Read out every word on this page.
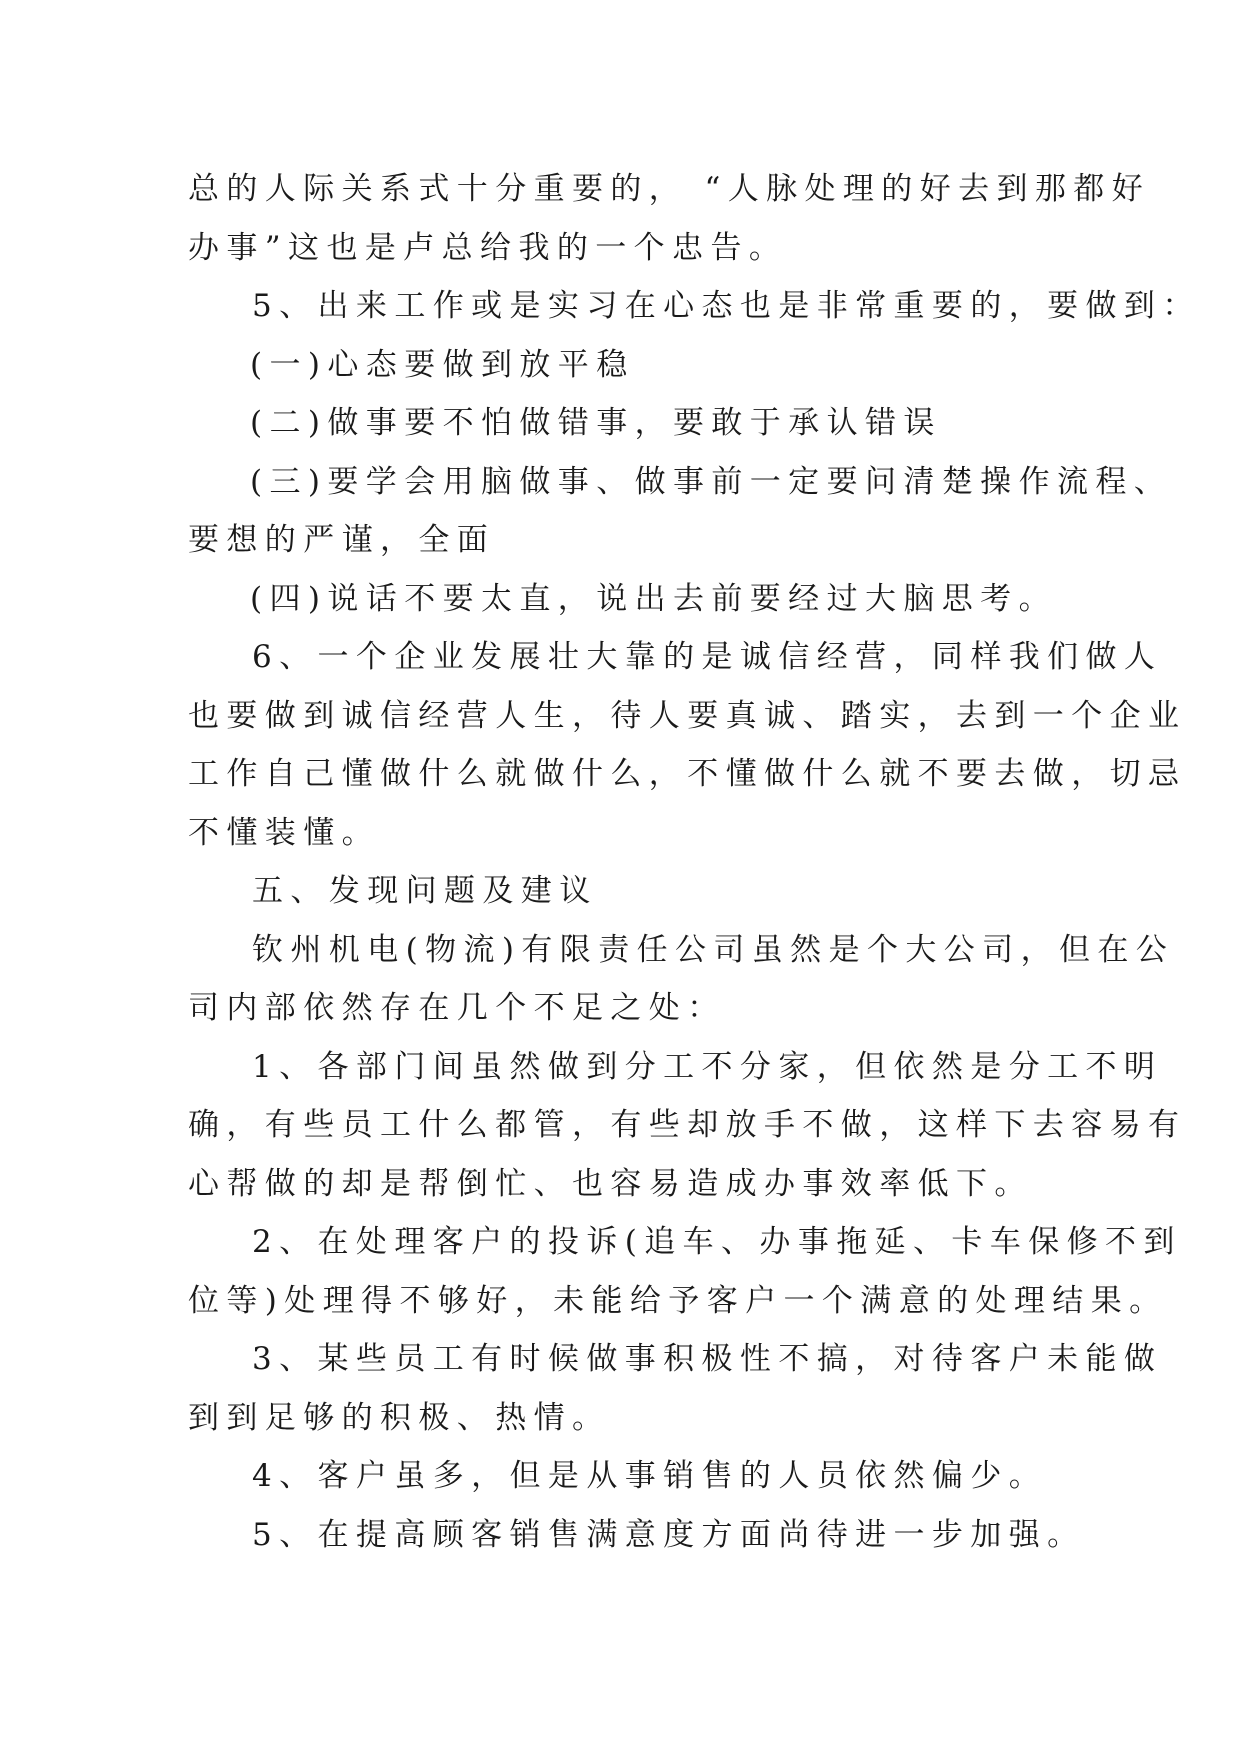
总的人际关系式十分重要的， “人脉处理的好去到那都好

办事”这也是卢总给我的一个忠告。

5、出来工作或是实习在心态也是非常重要的，要做到：

(一)心态要做到放平稳

(二)做事要不怕做错事，要敢于承认错误

(三)要学会用脑做事、做事前一定要问清楚操作流程、

要想的严谨，全面

(四)说话不要太直，说出去前要经过大脑思考。

6、一个企业发展壮大靠的是诚信经营，同样我们做人

也要做到诚信经营人生，待人要真诚、踏实，去到一个企业

工作自己懂做什么就做什么，不懂做什么就不要去做，切忌

不懂装懂。

五、发现问题及建议

钦州机电(物流)有限责任公司虽然是个大公司，但在公

司内部依然存在几个不足之处：

1、各部门间虽然做到分工不分家，但依然是分工不明

确，有些员工什么都管，有些却放手不做，这样下去容易有

心帮做的却是帮倒忙、也容易造成办事效率低下。

2、在处理客户的投诉(追车、办事拖延、卡车保修不到

位等)处理得不够好，未能给予客户一个满意的处理结果。

3、某些员工有时候做事积极性不搞，对待客户未能做

到到足够的积极、热情。

4、客户虽多，但是从事销售的人员依然偏少。

5、在提高顾客销售满意度方面尚待进一步加强。
